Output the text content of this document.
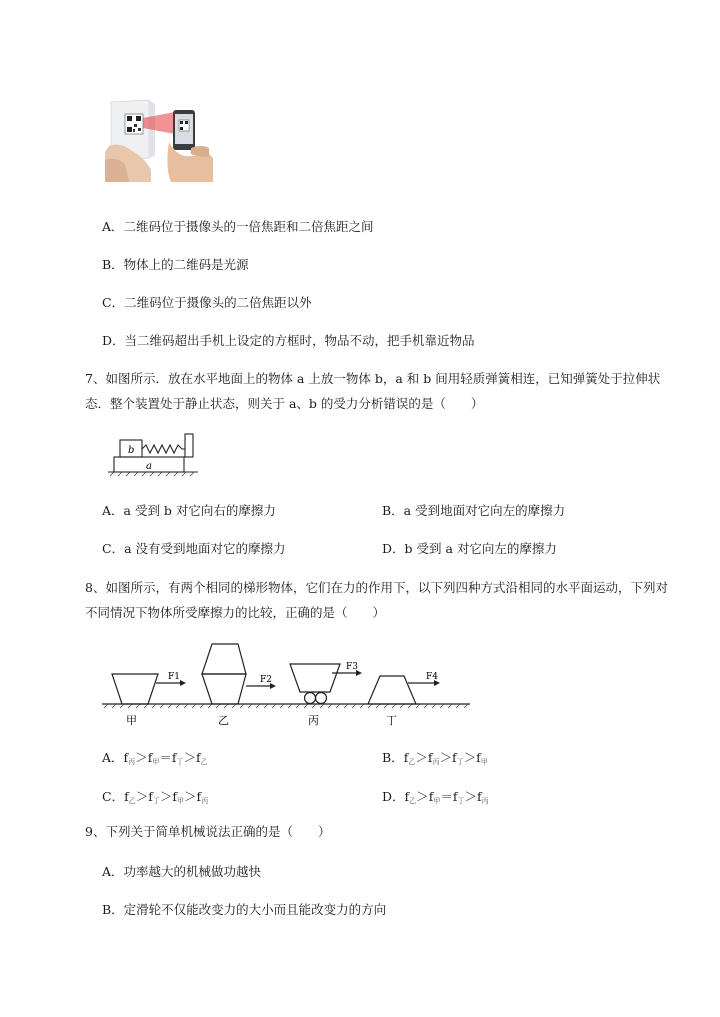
A．二维码位于摄像头的一倍焦距和二倍焦距之间
B．物体上的二维码是光源
C．二维码位于摄像头的二倍焦距以外
D．当二维码超出手机上设定的方框时，物品不动，把手机靠近物品
7、如图所示．放在水平地面上的物体 a 上放一物体 b，a 和 b 间用轻质弹簧相连，已知弹簧处于拉伸状态．整个装置处于静止状态，则关于 a、b 的受力分析错误的是（　　）
b
a
A．a 受到 b 对它向右的摩擦力	B．a 受到地面对它向左的摩擦力
C．a 没有受到地面对它的摩擦力	D．b 受到 a 对它向左的摩擦力
8、如图所示，有两个相同的梯形物体，它们在力的作用下，以下列四种方式沿相同的水平面运动，下列对不同情况下物体所受摩擦力的比较，正确的是（　　）
F1	F2
F3
F4
甲	乙	丙	丁
A．$f_丙>f_甲=f_丁>f_乙$	B．$f_乙>f_丙>f_丁>f_甲$
C．$f_乙>f_丁>f_甲>f_丙$	D．$f_乙>f_甲=f_丁>f_丙$
9、下列关于简单机械说法正确的是（　　）
A．功率越大的机械做功越快
B．定滑轮不仅能改变力的大小而且能改变力的方向
